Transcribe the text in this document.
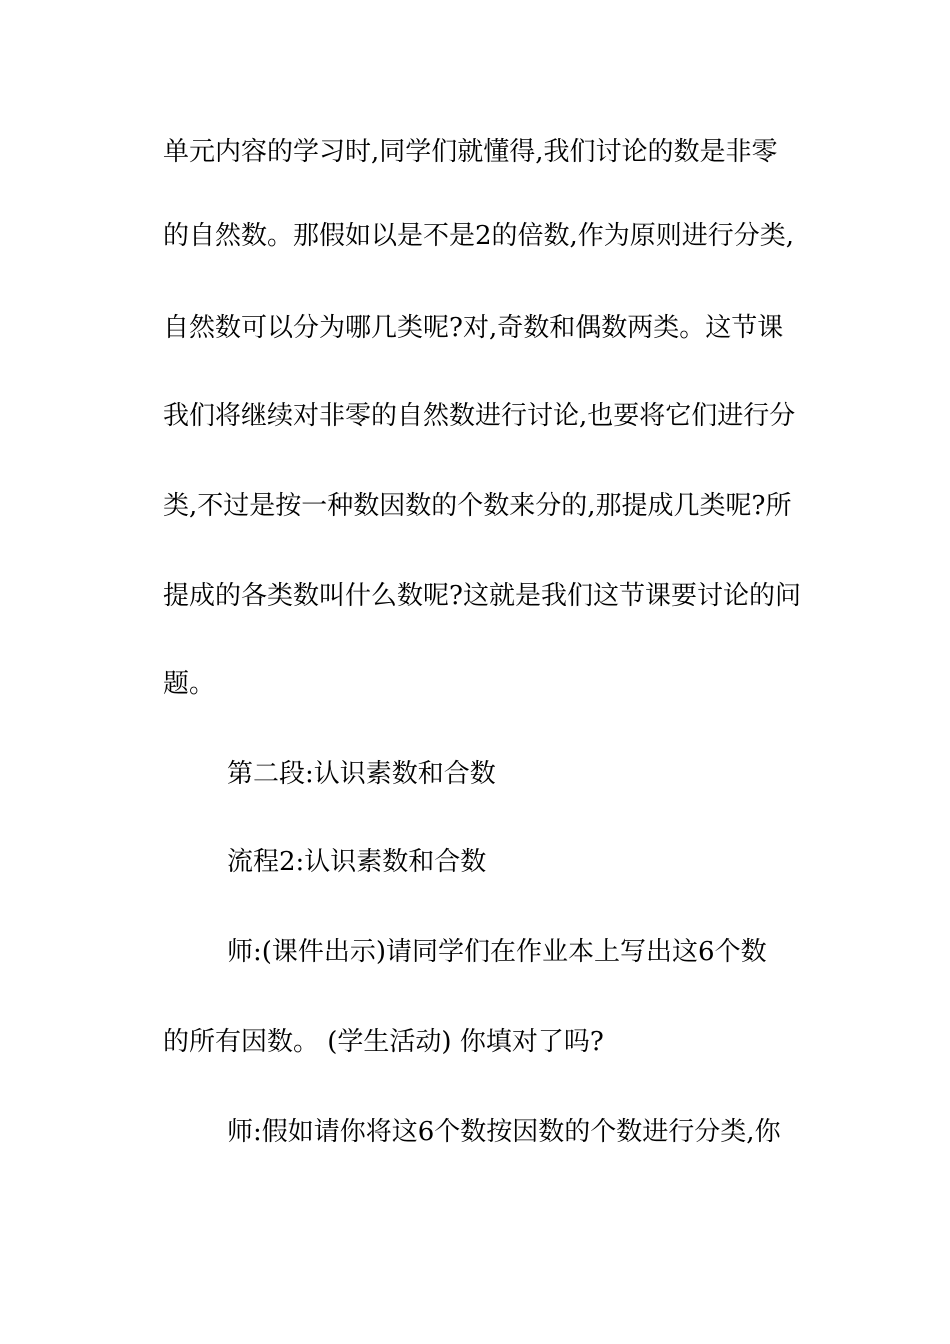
单元内容的学习时,同学们就懂得,我们讨论的数是非零
的自然数。那假如以是不是2的倍数,作为原则进行分类,
自然数可以分为哪几类呢?对,奇数和偶数两类。这节课
我们将继续对非零的自然数进行讨论,也要将它们进行分
类,不过是按一种数因数的个数来分的,那提成几类呢?所
提成的各类数叫什么数呢?这就是我们这节课要讨论的问
题。
第二段:认识素数和合数
流程2:认识素数和合数
师:(课件出示)请同学们在作业本上写出这6个数
的所有因数。 (学生活动) 你填对了吗?
师:假如请你将这6个数按因数的个数进行分类,你
